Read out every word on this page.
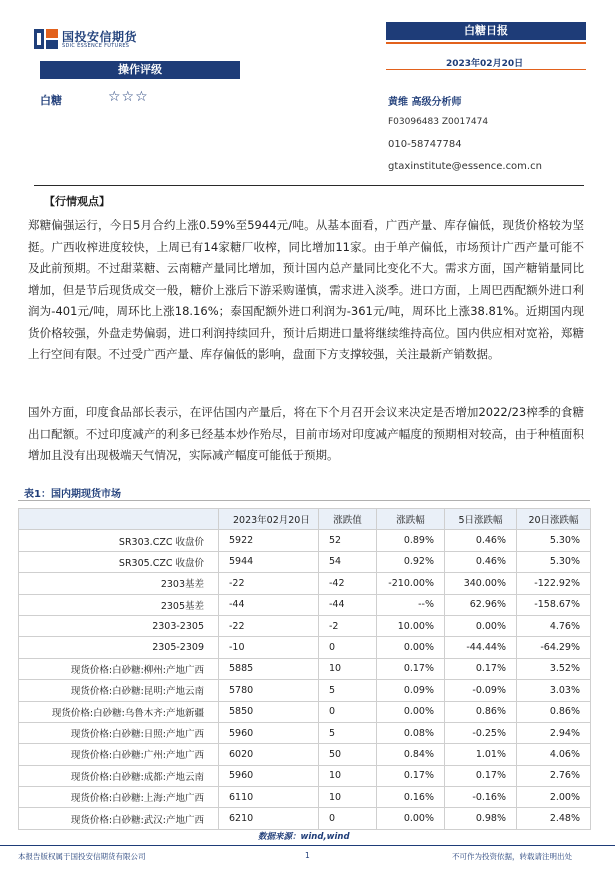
国投安信期货
SDIC ESSENCE FUTURES
白糖日报
2023年02月20日
操作评级
白糖	☆☆☆	黄维 高级分析师
F03096483 Z0017474
010-58747784
gtaxinstitute@essence.com.cn
【行情观点】
郑糖偏强运行，今日5月合约上涨0.59%至5944元/吨。从基本面看，广西产量、库存偏低，现货价格较为坚挺。广西收榨进度较快，上周已有14家糖厂收榨，同比增加11家。由于单产偏低，市场预计广西产量可能不及此前预期。不过甜菜糖、云南糖产量同比增加，预计国内总产量同比变化不大。需求方面，国产糖销量同比增加，但是节后现货成交一般，糖价上涨后下游采购谨慎，需求进入淡季。进口方面，上周巴西配额外进口利润为-401元/吨，周环比上涨18.16%；泰国配额外进口利润为-361元/吨，周环比上涨38.81%。近期国内现货价格较强，外盘走势偏弱，进口利润持续回升，预计后期进口量将继续维持高位。国内供应相对宽裕，郑糖上行空间有限。不过受广西产量、库存偏低的影响，盘面下方支撑较强，关注最新产销数据。
国外方面，印度食品部长表示，在评估国内产量后，将在下个月召开会议来决定是否增加2022/23榨季的食糖出口配额。不过印度减产的利多已经基本炒作殆尽，目前市场对印度减产幅度的预期相对较高，由于种植面积增加且没有出现极端天气情况，实际减产幅度可能低于预期。
表1：国内期现货市场
	2023年02月20日	涨跌值	涨跌幅	5日涨跌幅	20日涨跌幅
SR303.CZC 收盘价	5922	52	0.89%	0.46%	5.30%
SR305.CZC 收盘价	5944	54	0.92%	0.46%	5.30%
2303基差	-22	-42	-210.00%	340.00%	-122.92%
2305基差	-44	-44	--%	62.96%	-158.67%
2303-2305	-22	-2	10.00%	0.00%	4.76%
2305-2309	-10	0	0.00%	-44.44%	-64.29%
现货价格:白砂糖:柳州:产地广西	5885	10	0.17%	0.17%	3.52%
现货价格:白砂糖:昆明:产地云南	5780	5	0.09%	-0.09%	3.03%
现货价格:白砂糖:乌鲁木齐:产地新疆	5850	0	0.00%	0.86%	0.86%
现货价格:白砂糖:日照:产地广西	5960	5	0.08%	-0.25%	2.94%
现货价格:白砂糖:广州:产地广西	6020	50	0.84%	1.01%	4.06%
现货价格:白砂糖:成都:产地云南	5960	10	0.17%	0.17%	2.76%
现货价格:白砂糖:上海:产地广西	6110	10	0.16%	-0.16%	2.00%
现货价格:白砂糖:武汉:产地广西	6210	0	0.00%	0.98%	2.48%
数据来源：wind,wind
本报告版权属于国投安信期货有限公司	1	不可作为投资依据，转载请注明出处
